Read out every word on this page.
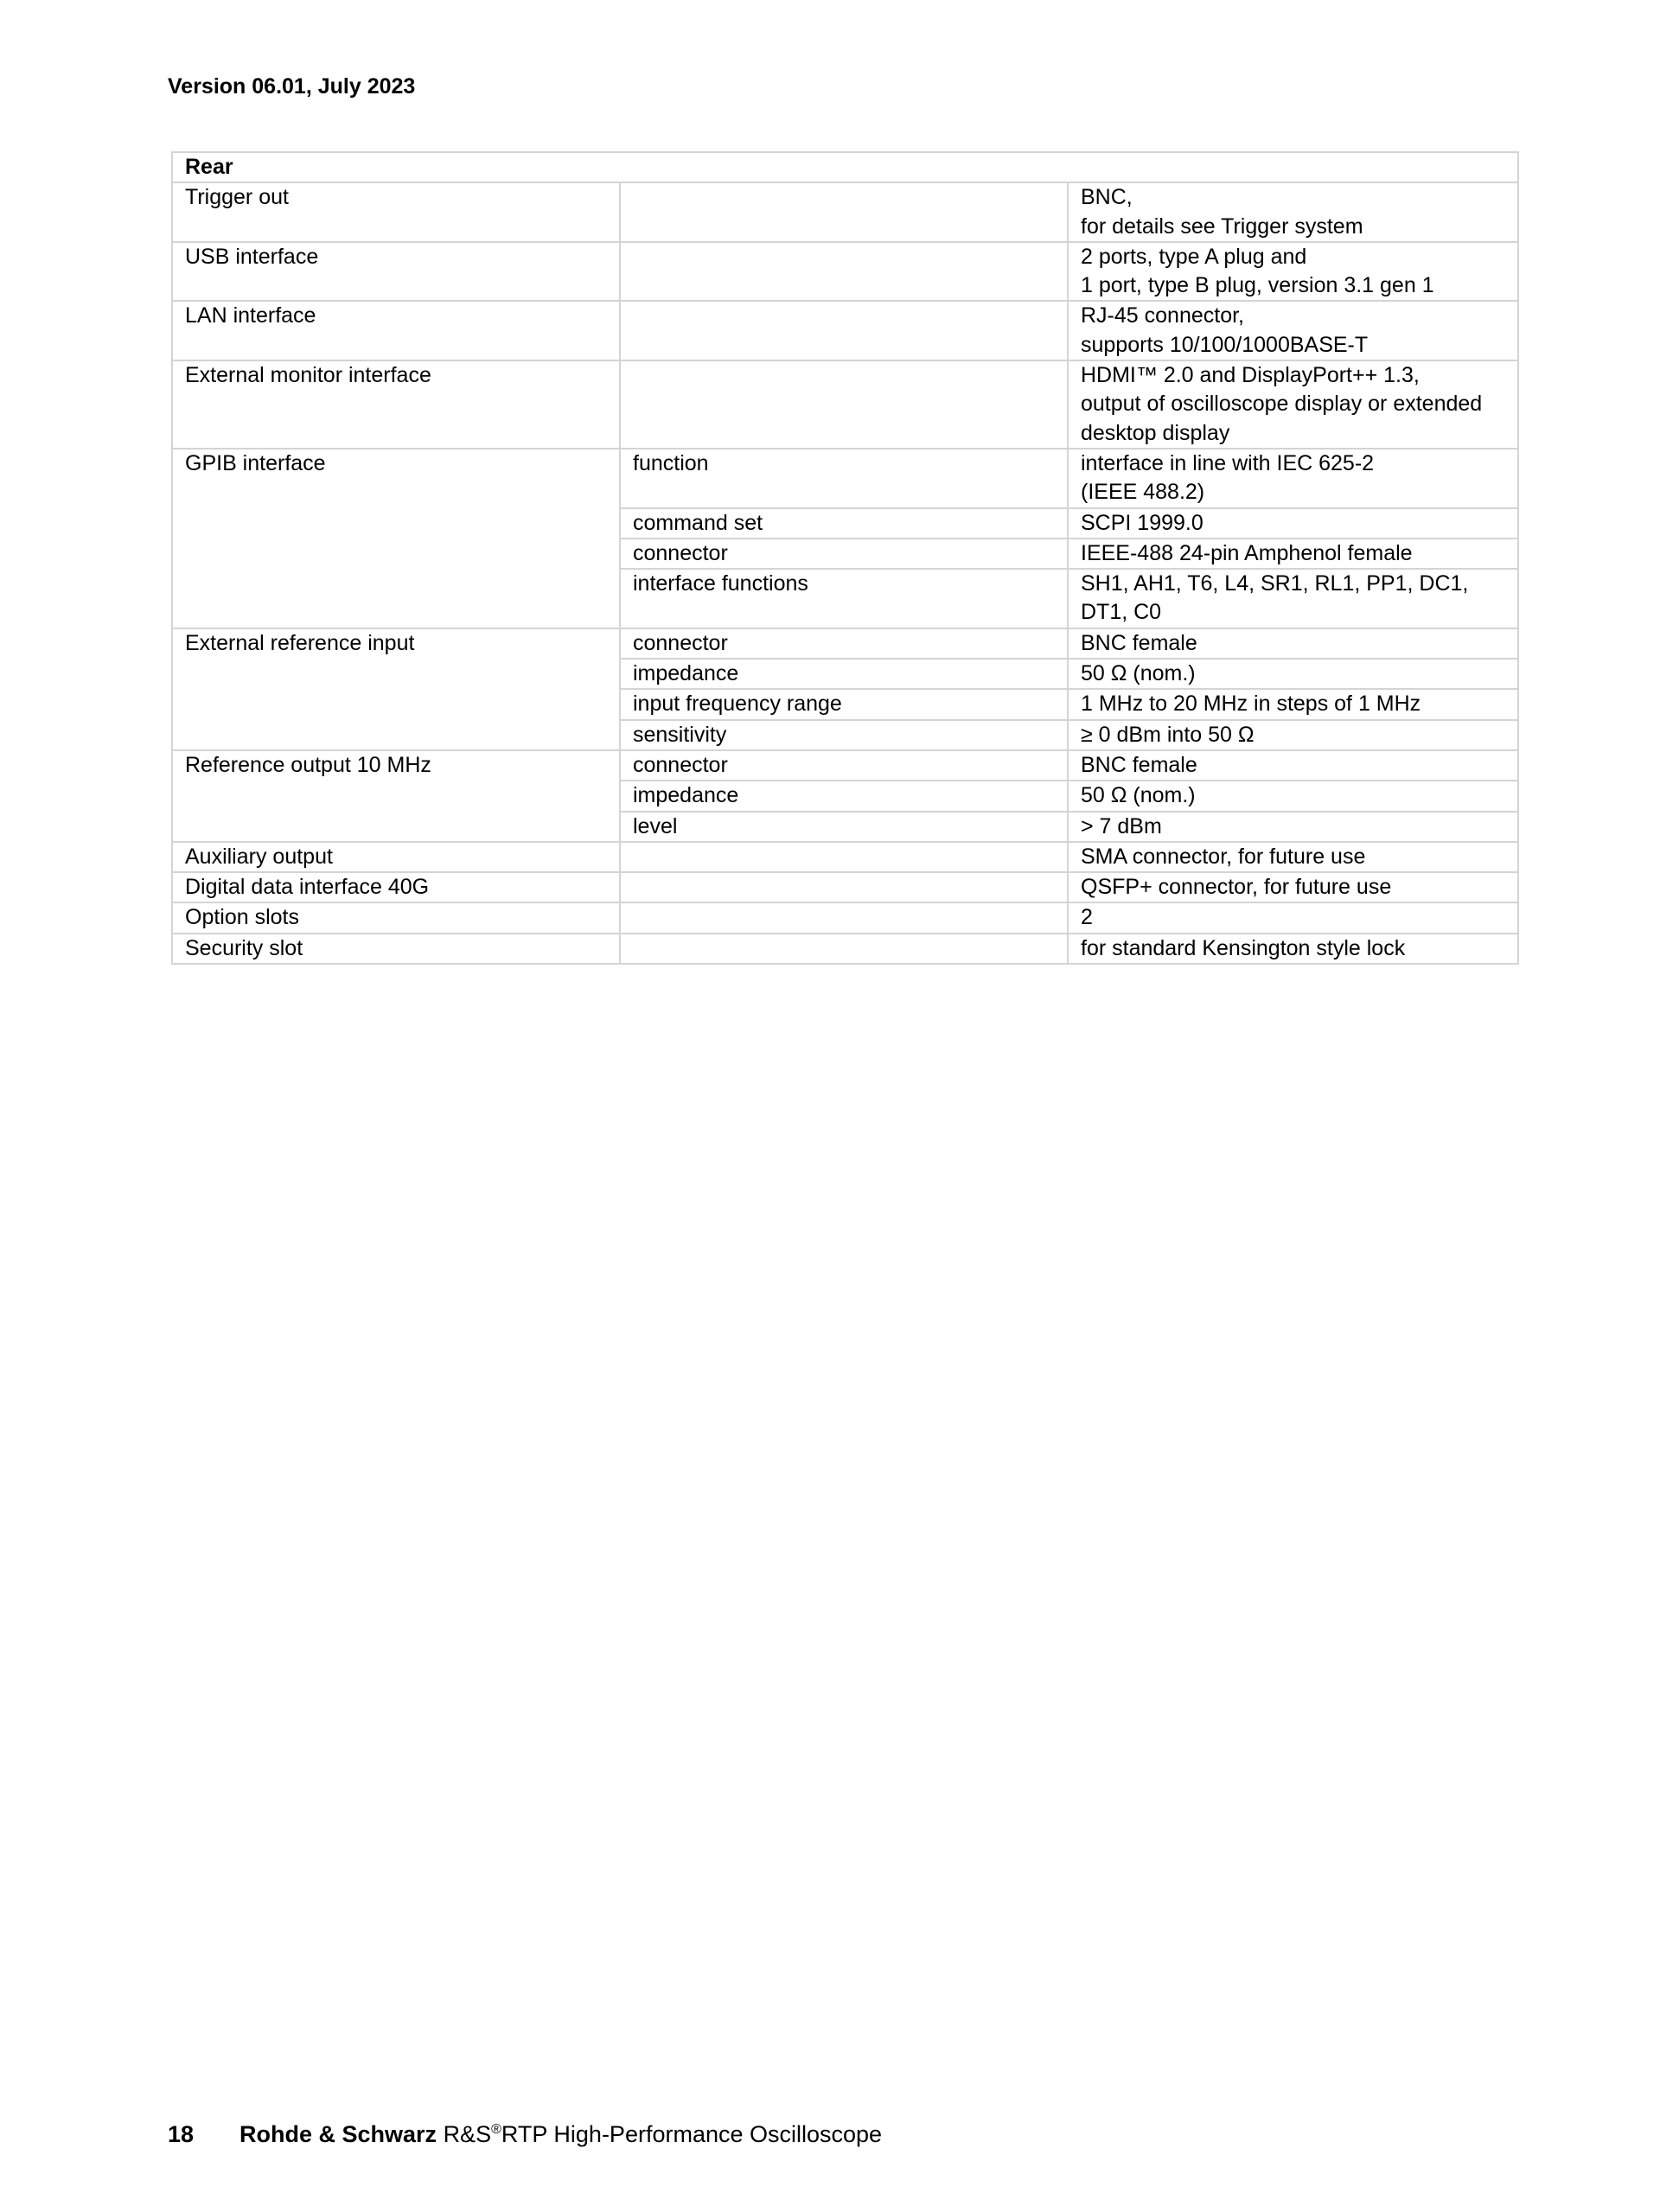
Version 06.01, July 2023
Rear		
Trigger out		BNC,
for details see Trigger system
USB interface		2 ports, type A plug and
1 port, type B plug, version 3.1 gen 1
LAN interface		RJ-45 connector,
supports 10/100/1000BASE-T
External monitor interface		HDMI™ 2.0 and DisplayPort++ 1.3,
output of oscilloscope display or extended desktop display
GPIB interface	function	interface in line with IEC 625-2
(IEEE 488.2)
	command set	SCPI 1999.0
	connector	IEEE-488 24-pin Amphenol female
	interface functions	SH1, AH1, T6, L4, SR1, RL1, PP1, DC1, DT1, C0
External reference input	connector	BNC female
	impedance	50 Ω (nom.)
	input frequency range	1 MHz to 20 MHz in steps of 1 MHz
	sensitivity	≥ 0 dBm into 50 Ω
Reference output 10 MHz	connector	BNC female
	impedance	50 Ω (nom.)
	level	> 7 dBm
Auxiliary output		SMA connector, for future use
Digital data interface 40G		QSFP+ connector, for future use
Option slots		2
Security slot		for standard Kensington style lock
18 Rohde & Schwarz R&S®RTP High-Performance Oscilloscope
